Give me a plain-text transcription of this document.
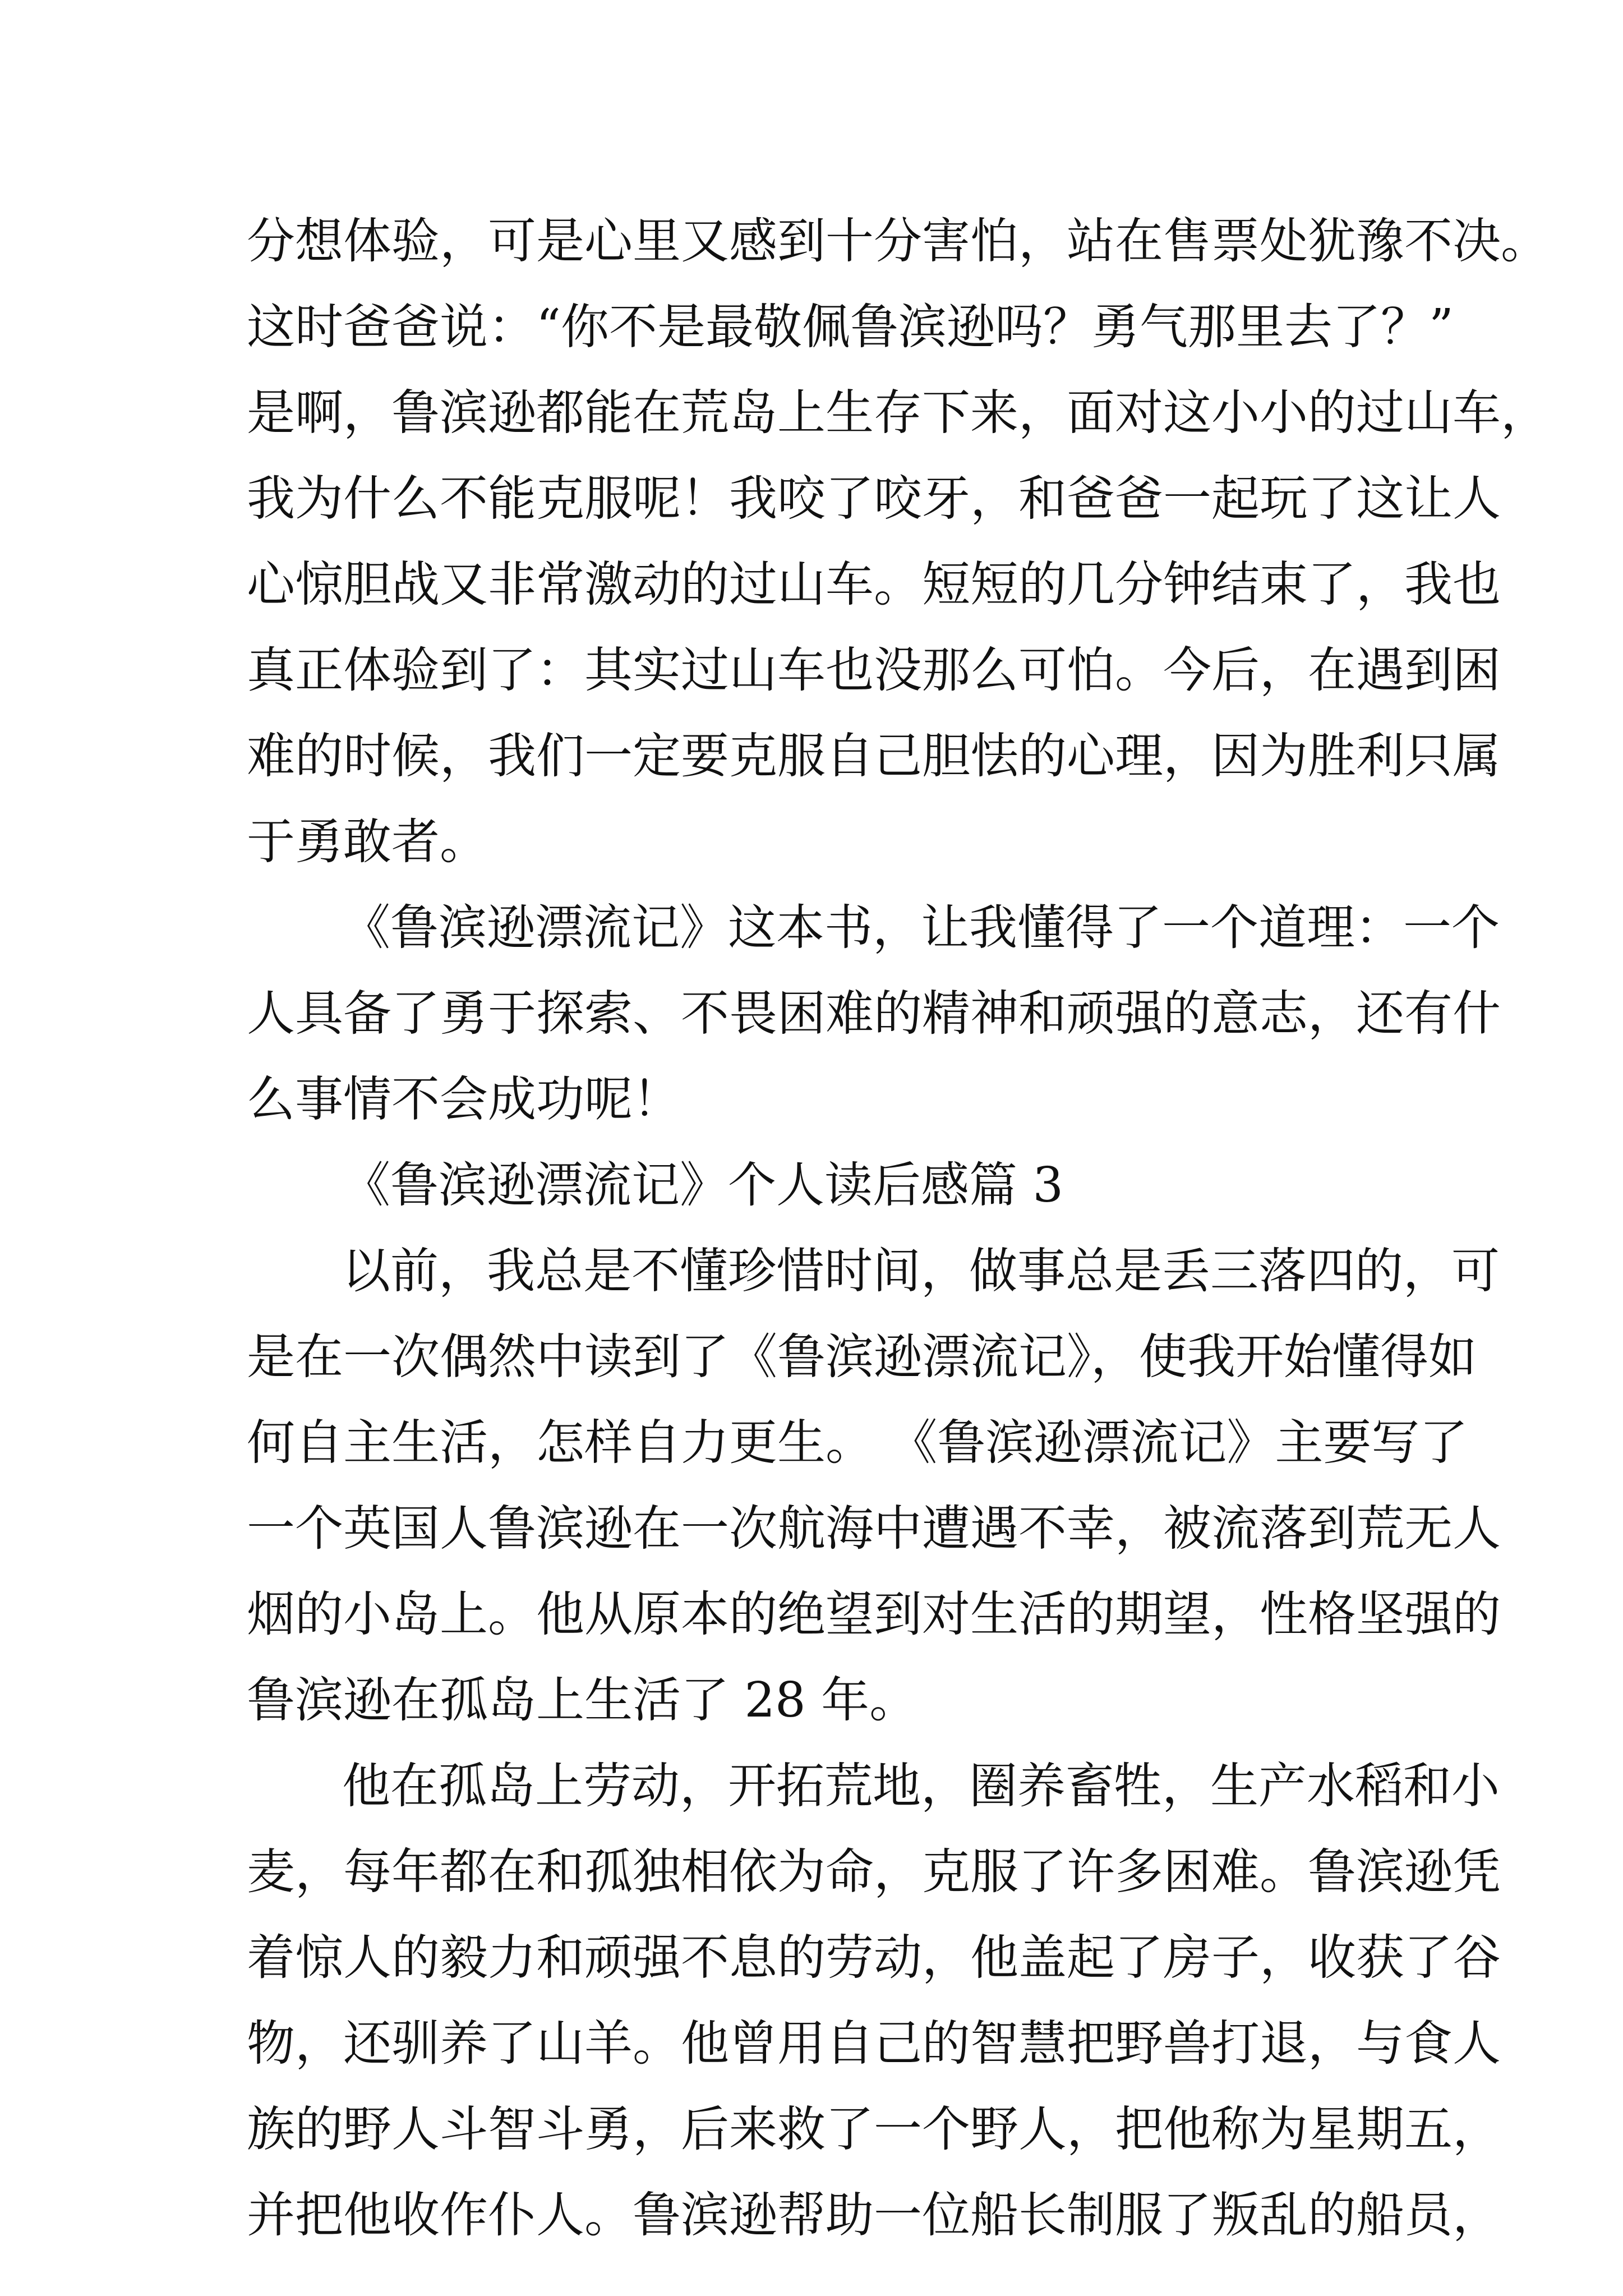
分想体验，可是心里又感到十分害怕，站在售票处犹豫不决。
这时爸爸说：“你不是最敬佩鲁滨逊吗？勇气那里去了？”
是啊，鲁滨逊都能在荒岛上生存下来，面对这小小的过山车，
我为什么不能克服呢！我咬了咬牙，和爸爸一起玩了这让人
心惊胆战又非常激动的过山车。短短的几分钟结束了，我也
真正体验到了：其实过山车也没那么可怕。今后，在遇到困
难的时候，我们一定要克服自己胆怯的心理，因为胜利只属
于勇敢者。
《鲁滨逊漂流记》这本书，让我懂得了一个道理：一个
人具备了勇于探索、不畏困难的精神和顽强的意志，还有什
么事情不会成功呢！
《鲁滨逊漂流记》个人读后感篇 3
以前，我总是不懂珍惜时间，做事总是丢三落四的，可
是在一次偶然中读到了《鲁滨逊漂流记》，使我开始懂得如
何自主生活，怎样自力更生。 《鲁滨逊漂流记》主要写了
一个英国人鲁滨逊在一次航海中遭遇不幸，被流落到荒无人
烟的小岛上。他从原本的绝望到对生活的期望，性格坚强的
鲁滨逊在孤岛上生活了 28 年。
他在孤岛上劳动，开拓荒地，圈养畜牲，生产水稻和小
麦，每年都在和孤独相依为命，克服了许多困难。鲁滨逊凭
着惊人的毅力和顽强不息的劳动，他盖起了房子，收获了谷
物，还驯养了山羊。他曾用自己的智慧把野兽打退，与食人
族的野人斗智斗勇，后来救了一个野人，把他称为星期五，
并把他收作仆人。鲁滨逊帮助一位船长制服了叛乱的船员，
